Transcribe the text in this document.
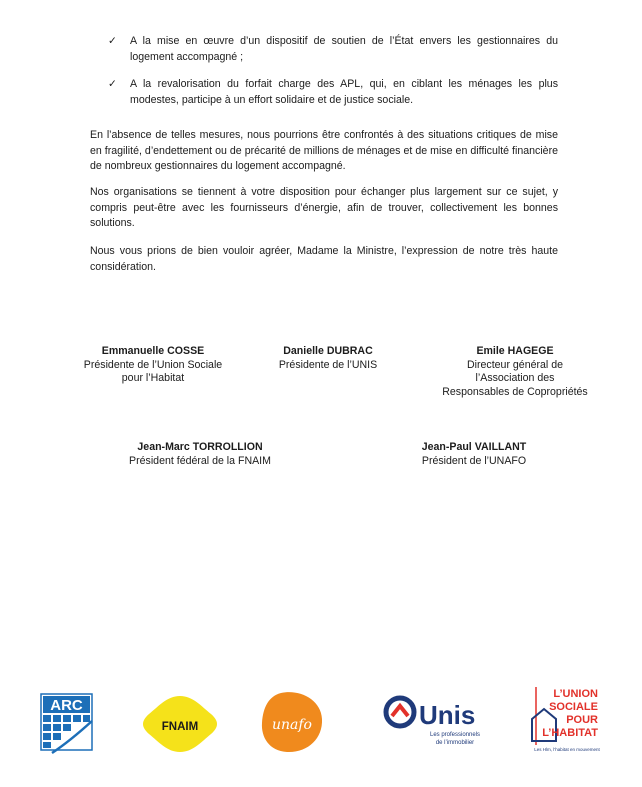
✓	A la mise en œuvre d’un dispositif de soutien de l’État envers les gestionnaires du logement accompagné ;
✓	A la revalorisation du forfait charge des APL, qui, en ciblant les ménages les plus modestes, participe à un effort solidaire et de justice sociale.
En l’absence de telles mesures, nous pourrions être confrontés à des situations critiques de mise en fragilité, d’endettement ou de précarité de millions de ménages et de mise en difficulté financière de nombreux gestionnaires du logement accompagné.
Nos organisations se tiennent à votre disposition pour échanger plus largement sur ce sujet, y compris peut-être avec les fournisseurs d’énergie, afin de trouver, collectivement les bonnes solutions.
Nous vous prions de bien vouloir agréer, Madame la Ministre, l’expression de notre très haute considération.
Emmanuelle COSSE
Présidente de l’Union Sociale
pour l’Habitat
Danielle DUBRAC
Présidente de l’UNIS
Emile HAGEGE
Directeur général de
l’Association des
Responsables de Copropriétés
Jean-Marc TORROLLION
Président fédéral de la FNAIM
Jean-Paul VAILLANT
Président de l’UNAFO
ARC
FNAIM	unafo	Unis
Les professionnels
de l’immobilier
L’UNION
SOCIALE
POUR
L’HABITAT
Les Hlm, l’habitat en mouvement
